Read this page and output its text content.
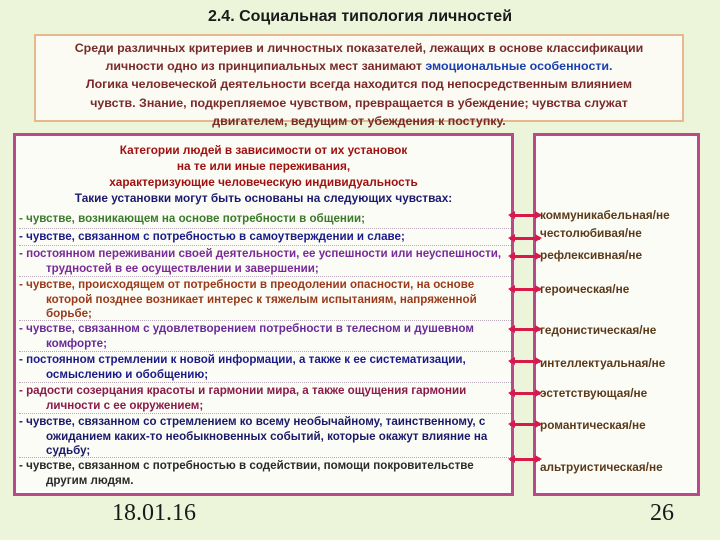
2.4. Социальная типология личностей
Среди различных критериев и личностных показателей, лежащих в основе классификации
личности одно из принципиальных мест занимают эмоциональные особенности.
Логика человеческой деятельности всегда находится под непосредственным влиянием
чувств. Знание, подкрепляемое чувством, превращается в убеждение; чувства служат
двигателем, ведущим от убеждения к поступку.
Категории людей в зависимости от их установок
на те или иные переживания,
характеризующие человеческую индивидуальность
Такие установки могут быть основаны на следующих чувствах:
- чувстве, возникающем на основе потребности в общении;
- чувстве, связанном с потребностью в самоутверждении и славе;
- постоянном переживании своей деятельности, ее успешности или неуспешности, трудностей в ее осуществлении и завершении;
- чувстве, происходящем от потребности в преодолении опасности, на основе которой позднее возникает интерес к тяжелым испытаниям, напряженной борьбе;
- чувстве, связанном с удовлетворением потребности в телесном и душевном комфорте;
- постоянном стремлении к новой информации, а также к ее систематизации, осмыслению и обобщению;
- радости созерцания красоты и гармонии мира, а также ощущения гармонии личности с ее окружением;
- чувстве, связанном со стремлением ко всему необычайному, таинственному, с ожиданием каких-то необыкновенных событий, которые окажут влияние на судьбу;
- чувстве, связанном с потребностью в содействии, помощи покровительстве другим людям.
коммуникабельная/не
честолюбивая/не
рефлексивная/не
героическая/не
гедонистическая/не
интеллектуальная/не
эстетствующая/не
романтическая/не
альтруистическая/не
18.01.16	26
